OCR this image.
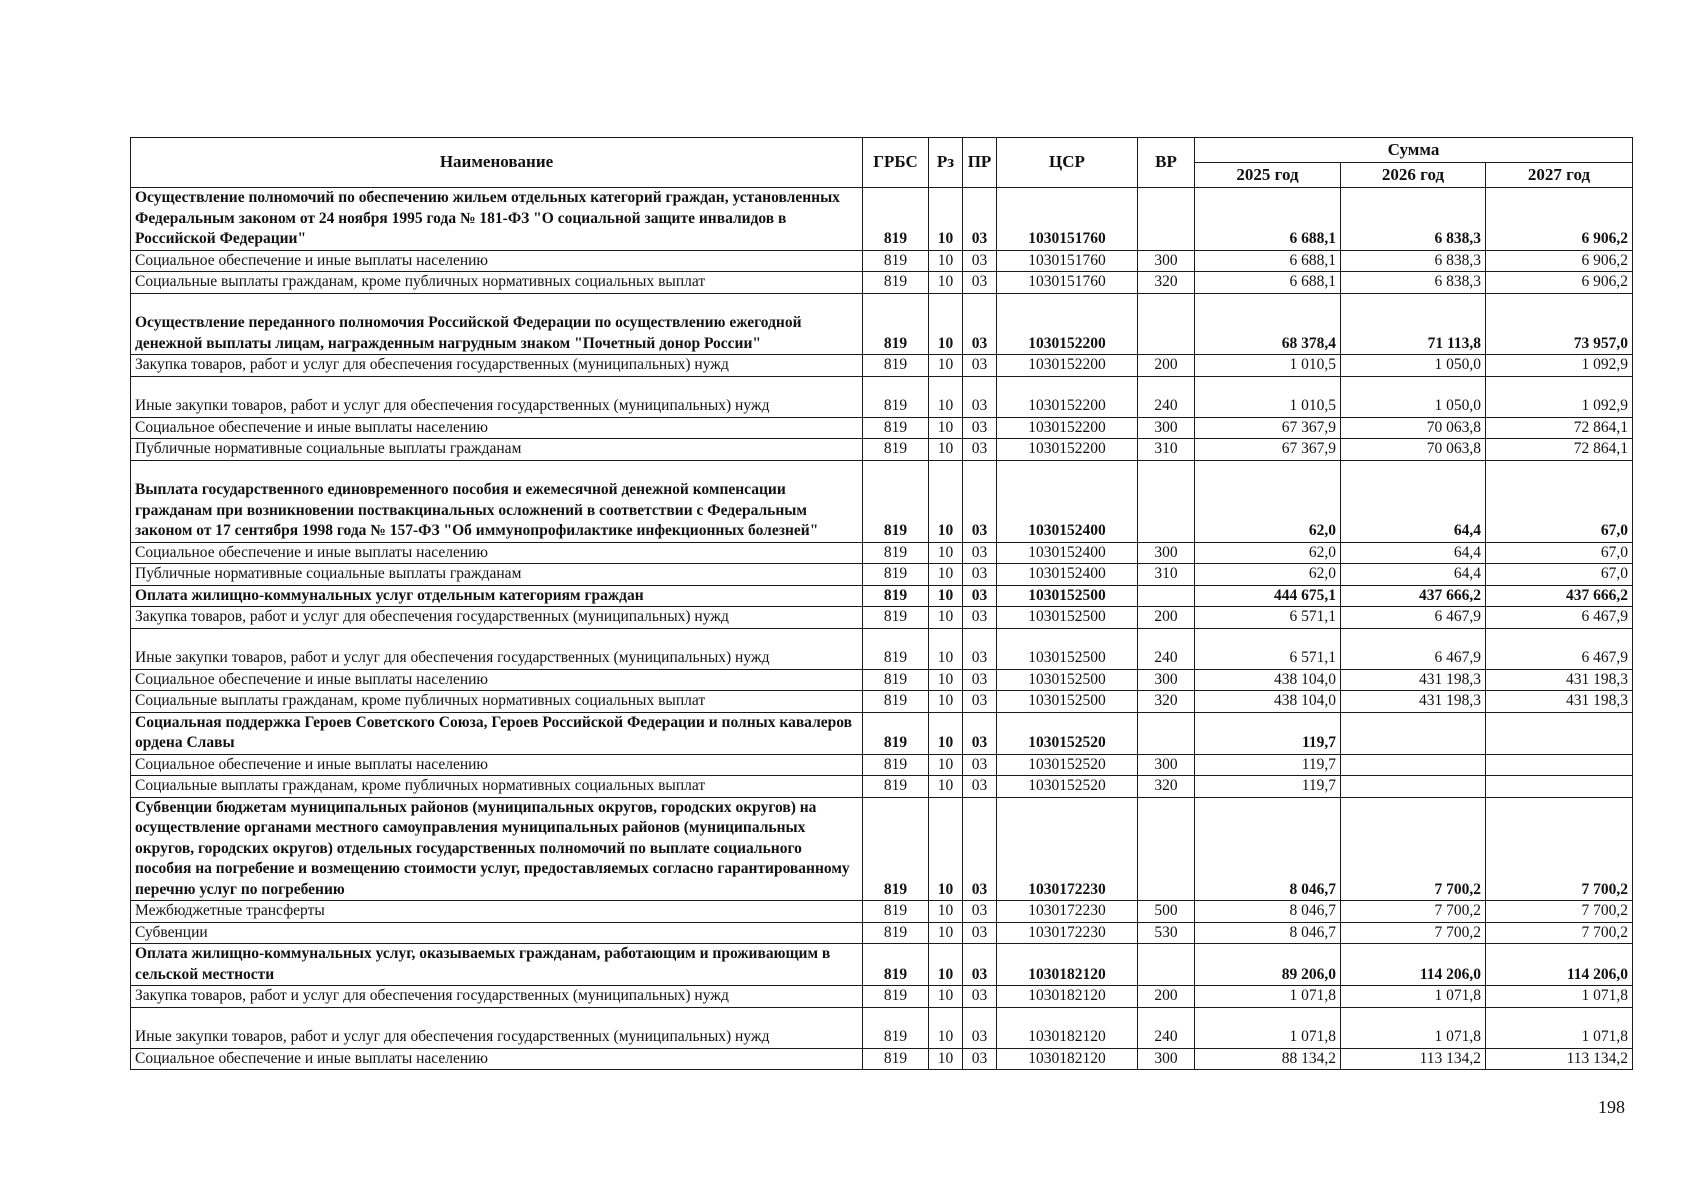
Наименование	ГРБС	Рз	ПР	ЦСР	ВР	Сумма		
						2025 год	2026 год	2027 год
Осуществление полномочий по обеспечению жильем отдельных категорий граждан, установленных Федеральным законом от 24 ноября 1995 года № 181-ФЗ "О социальной защите инвалидов в Российской Федерации"	819	10	03	1030151760		6 688,1	6 838,3	6 906,2
Социальное обеспечение и иные выплаты населению	819	10	03	1030151760	300	6 688,1	6 838,3	6 906,2
Социальные выплаты гражданам, кроме публичных нормативных социальных выплат	819	10	03	1030151760	320	6 688,1	6 838,3	6 906,2
Осуществление переданного полномочия Российской Федерации по осуществлению ежегодной денежной выплаты лицам, награжденным нагрудным знаком "Почетный донор России"	819	10	03	1030152200		68 378,4	71 113,8	73 957,0
Закупка товаров, работ и услуг для обеспечения государственных (муниципальных) нужд	819	10	03	1030152200	200	1 010,5	1 050,0	1 092,9
Иные закупки товаров, работ и услуг для обеспечения государственных (муниципальных) нужд	819	10	03	1030152200	240	1 010,5	1 050,0	1 092,9
Социальное обеспечение и иные выплаты населению	819	10	03	1030152200	300	67 367,9	70 063,8	72 864,1
Публичные нормативные социальные выплаты гражданам	819	10	03	1030152200	310	67 367,9	70 063,8	72 864,1
Выплата государственного единовременного пособия и ежемесячной денежной компенсации гражданам при возникновении поствакцинальных осложнений в соответствии с Федеральным законом от 17 сентября 1998 года № 157-ФЗ "Об иммунопрофилактике инфекционных болезней"	819	10	03	1030152400		62,0	64,4	67,0
Социальное обеспечение и иные выплаты населению	819	10	03	1030152400	300	62,0	64,4	67,0
Публичные нормативные социальные выплаты гражданам	819	10	03	1030152400	310	62,0	64,4	67,0
Оплата жилищно-коммунальных услуг отдельным категориям граждан	819	10	03	1030152500		444 675,1	437 666,2	437 666,2
Закупка товаров, работ и услуг для обеспечения государственных (муниципальных) нужд	819	10	03	1030152500	200	6 571,1	6 467,9	6 467,9
Иные закупки товаров, работ и услуг для обеспечения государственных (муниципальных) нужд	819	10	03	1030152500	240	6 571,1	6 467,9	6 467,9
Социальное обеспечение и иные выплаты населению	819	10	03	1030152500	300	438 104,0	431 198,3	431 198,3
Социальные выплаты гражданам, кроме публичных нормативных социальных выплат	819	10	03	1030152500	320	438 104,0	431 198,3	431 198,3
Социальная поддержка Героев Советского Союза, Героев Российской Федерации и полных кавалеров ордена Славы	819	10	03	1030152520		119,7		
Социальное обеспечение и иные выплаты населению	819	10	03	1030152520	300	119,7		
Социальные выплаты гражданам, кроме публичных нормативных социальных выплат	819	10	03	1030152520	320	119,7		
Субвенции бюджетам муниципальных районов (муниципальных округов, городских округов) на осуществление органами местного самоуправления муниципальных районов (муниципальных округов, городских округов) отдельных государственных полномочий по выплате социального пособия на погребение и возмещению стоимости услуг, предоставляемых согласно гарантированному перечню услуг по погребению	819	10	03	1030172230		8 046,7	7 700,2	7 700,2
Межбюджетные трансферты	819	10	03	1030172230	500	8 046,7	7 700,2	7 700,2
Субвенции	819	10	03	1030172230	530	8 046,7	7 700,2	7 700,2
Оплата жилищно-коммунальных услуг, оказываемых гражданам, работающим и проживающим в сельской местности	819	10	03	1030182120		89 206,0	114 206,0	114 206,0
Закупка товаров, работ и услуг для обеспечения государственных (муниципальных) нужд	819	10	03	1030182120	200	1 071,8	1 071,8	1 071,8
Иные закупки товаров, работ и услуг для обеспечения государственных (муниципальных) нужд	819	10	03	1030182120	240	1 071,8	1 071,8	1 071,8
Социальное обеспечение и иные выплаты населению	819	10	03	1030182120	300	88 134,2	113 134,2	113 134,2
198
